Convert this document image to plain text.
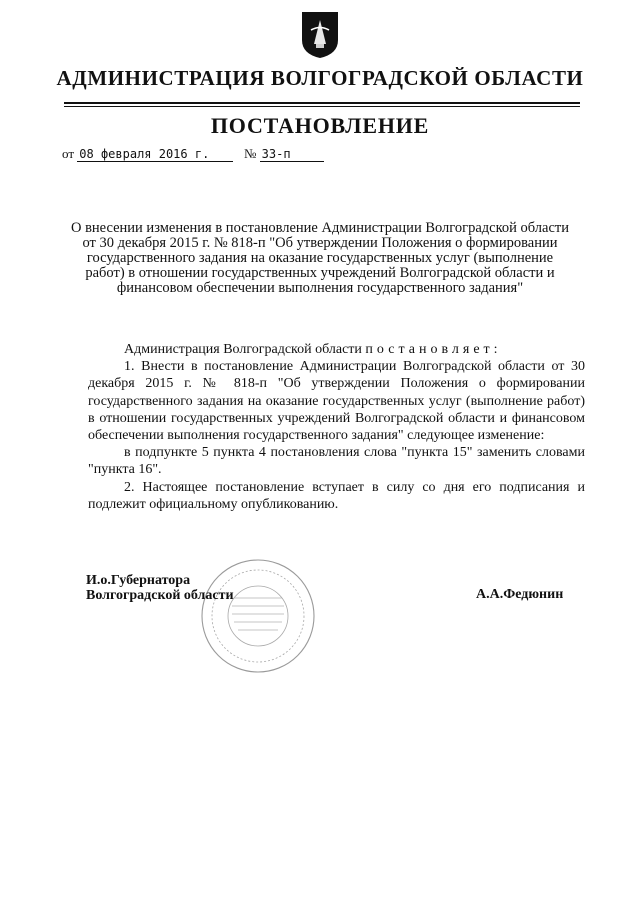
АДМИНИСТРАЦИЯ ВОЛГОГРАДСКОЙ ОБЛАСТИ
ПОСТАНОВЛЕНИЕ
от 08 февраля 2016 г.	№ 33-п
О внесении изменения в постановление Администрации Волгоградской области от 30 декабря 2015 г. № 818-п "Об утверждении Положения о формировании государственного задания на оказание государственных услуг (выполнение работ) в отношении государственных учреждений Волгоградской области и финансовом обеспечении выполнения государственного задания"

Администрация Волгоградской области постановляет:

1. Внести в постановление Администрации Волгоградской области от 30 декабря 2015 г. № 818-п "Об утверждении Положения о формировании государственного задания на оказание государственных услуг (выполнение работ) в отношении государственных учреждений Волгоградской области и финансовом обеспечении выполнения государственного задания" следующее изменение:

в подпункте 5 пункта 4 постановления слова "пункта 15" заменить словами "пункта 16".

2. Настоящее постановление вступает в силу со дня его подписания и подлежит официальному опубликованию.

И.о.Губернатора
Волгоградской области	А.А.Федюнин
